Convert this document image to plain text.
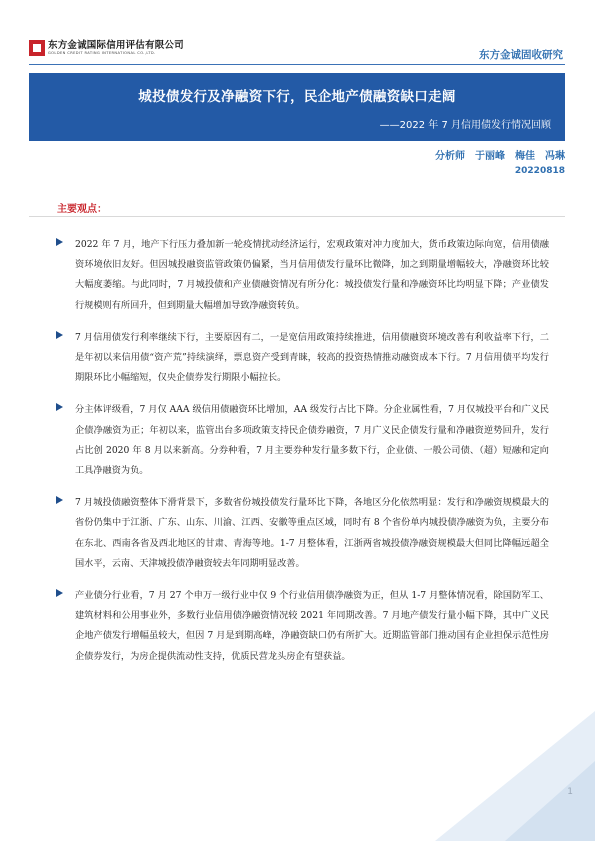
东方金诚国际信用评估有限公司
GOLDEN CREDIT RATING INTERNATIONAL CO.,LTD.	东方金诚固收研究
城投债发行及净融资下行，民企地产债融资缺口走阔
——2022 年 7 月信用债发行情况回顾
分析师　于丽峰　梅佳　冯琳
20220818
主要观点：
2022 年 7 月，地产下行压力叠加新一轮疫情扰动经济运行，宏观政策对冲力度加大，货币政策边际向宽，信用债融资环境依旧友好。但因城投融资监管政策仍偏紧，当月信用债发行量环比微降，加之到期量增幅较大，净融资环比较大幅度萎缩。与此同时，7 月城投债和产业债融资情况有所分化：城投债发行量和净融资环比均明显下降；产业债发行规模则有所回升，但到期量大幅增加导致净融资转负。
7 月信用债发行利率继续下行，主要原因有二，一是宽信用政策持续推进，信用债融资环境改善有利收益率下行，二是年初以来信用债“资产荒”持续演绎，票息资产受到青睐，较高的投资热情推动融资成本下行。7 月信用债平均发行期限环比小幅缩短，仅央企债券发行期限小幅拉长。
分主体评级看，7 月仅 AAA 级信用债融资环比增加，AA 级发行占比下降。分企业属性看，7 月仅城投平台和广义民企债净融资为正；年初以来，监管出台多项政策支持民企债券融资，7 月广义民企债发行量和净融资逆势回升，发行占比创 2020 年 8 月以来新高。分券种看，7 月主要券种发行量多数下行，企业债、一般公司债、（超）短融和定向工具净融资为负。
7 月城投债融资整体下滑背景下，多数省份城投债发行量环比下降，各地区分化依然明显：发行和净融资规模最大的省份仍集中于江浙、广东、山东、川渝、江西、安徽等重点区域，同时有 8 个省份单内城投债净融资为负，主要分布在东北、西南各省及西北地区的甘肃、青海等地。1-7 月整体看，江浙两省城投债净融资规模最大但同比降幅远超全国水平，云南、天津城投债净融资较去年同期明显改善。
产业债分行业看，7 月 27 个申万一级行业中仅 9 个行业信用债净融资为正，但从 1-7 月整体情况看，除国防军工、建筑材料和公用事业外，多数行业信用债净融资情况较 2021 年同期改善。7 月地产债发行量小幅下降，其中广义民企地产债发行增幅虽较大，但因 7 月是到期高峰，净融资缺口仍有所扩大。近期监管部门推动国有企业担保示范性房企债券发行，为房企提供流动性支持，优质民营龙头房企有望获益。
1
